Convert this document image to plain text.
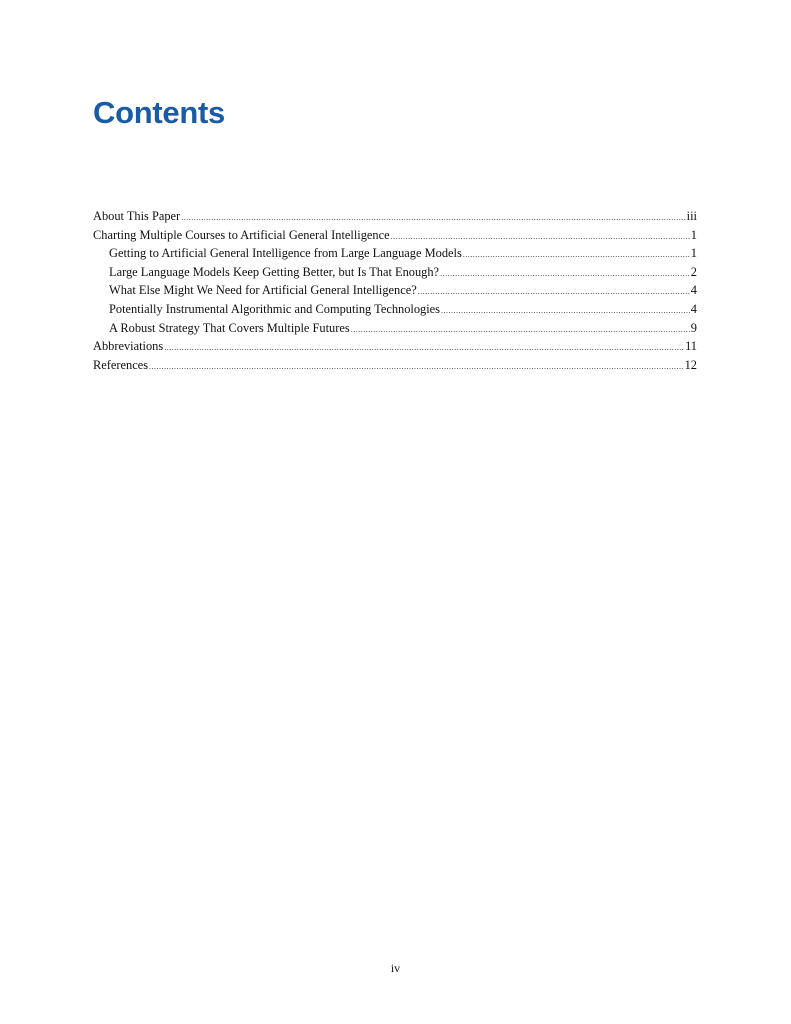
Contents
About This Paper .....	iii
Charting Multiple Courses to Artificial General Intelligence .....	1
Getting to Artificial General Intelligence from Large Language Models .....	1
Large Language Models Keep Getting Better, but Is That Enough? .....	2
What Else Might We Need for Artificial General Intelligence? .....	4
Potentially Instrumental Algorithmic and Computing Technologies .....	4
A Robust Strategy That Covers Multiple Futures .....	9
Abbreviations .....	11
References .....	12
iv
